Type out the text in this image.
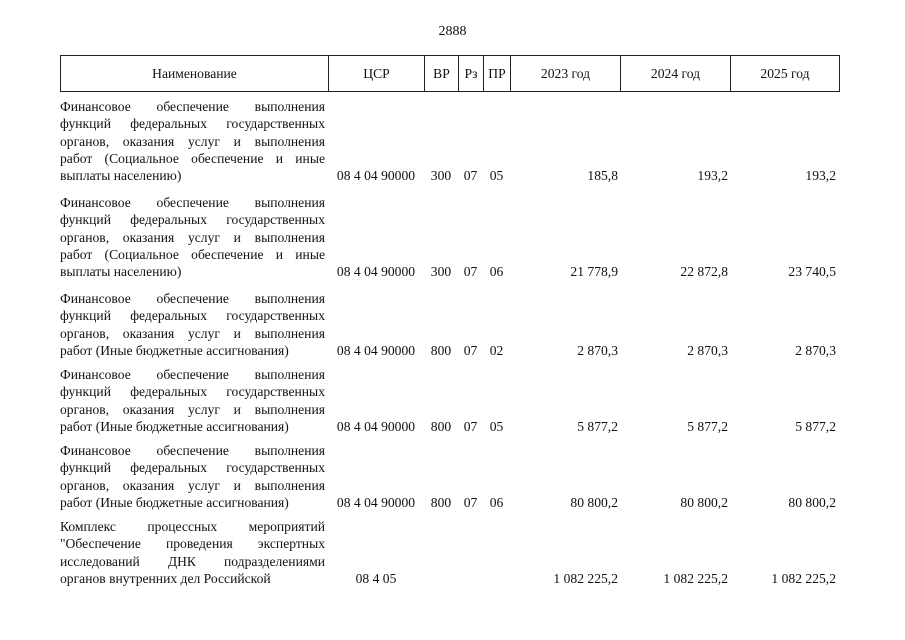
2888
Наименование	ЦСР	ВР	Рз ПР	2023 год	2024 год	2025 год
Финансовое обеспечение выполнения
функций федеральных государственных
органов, оказания услуг и выполнения
работ (Социальное обеспечение и иные
выплаты населению)	08 4 04 90000	300 07 05	185,8	193,2	193,2
Финансовое обеспечение выполнения
функций федеральных государственных
органов, оказания услуг и выполнения
работ (Социальное обеспечение и иные
выплаты населению)	08 4 04 90000	300 07 06	21 778,9	22 872,8	23 740,5
Финансовое обеспечение выполнения
функций федеральных государственных
органов, оказания услуг и выполнения
работ (Иные бюджетные ассигнования)	08 4 04 90000	800 07 02	2 870,3	2 870,3	2 870,3
Финансовое обеспечение выполнения
функций федеральных государственных
органов, оказания услуг и выполнения
работ (Иные бюджетные ассигнования)	08 4 04 90000	800 07 05	5 877,2	5 877,2	5 877,2
Финансовое обеспечение выполнения
функций федеральных государственных
органов, оказания услуг и выполнения
работ (Иные бюджетные ассигнования)	08 4 04 90000	800 07 06	80 800,2	80 800,2	80 800,2
Комплекс процессных мероприятий
"Обеспечение проведения экспертных
исследований ДНК подразделениями
органов внутренних дел Российской	08 4 05	1 082 225,2	1 082 225,2	1 082 225,2
